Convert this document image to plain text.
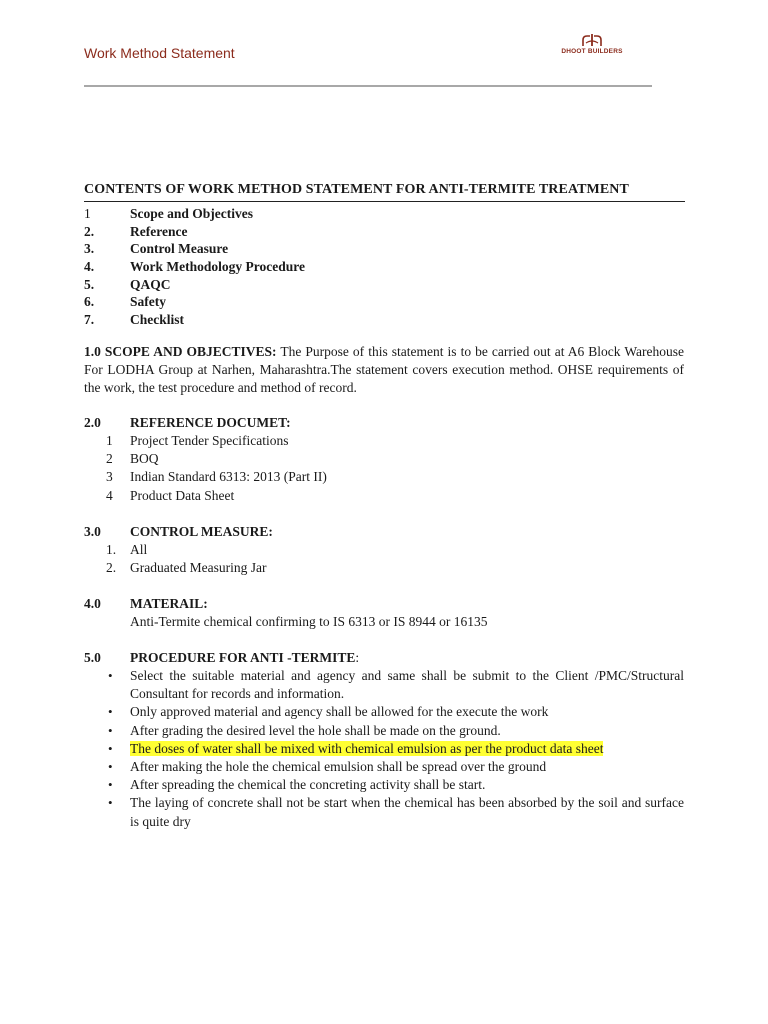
Work Method Statement	DHOOT BUILDERS
CONTENTS OF WORK METHOD STATEMENT FOR ANTI-TERMITE TREATMENT
1	Scope and Objectives
2.	Reference
3.	Control Measure
4.	Work Methodology Procedure
5.	QAQC
6.	Safety
7.	Checklist
1.0 SCOPE AND OBJECTIVES: The Purpose of this statement is to be carried out at A6 Block Warehouse For LODHA Group at Narhen, Maharashtra.The statement covers execution method. OHSE requirements of the work, the test procedure and method of record.
2.0 REFERENCE DOCUMET:
1 Project Tender Specifications
2 BOQ
3 Indian Standard 6313: 2013 (Part II)
4 Product Data Sheet
3.0 CONTROL MEASURE:
1. All
2. Graduated Measuring Jar
4.0 MATERAIL:
Anti-Termite chemical confirming to IS 6313 or IS 8944 or 16135
5.0 PROCEDURE FOR ANTI -TERMITE:
• Select the suitable material and agency and same shall be submit to the Client /PMC/Structural Consultant for records and information.
• Only approved material and agency shall be allowed for the execute the work
• After grading the desired level the hole shall be made on the ground.
• The doses of water shall be mixed with chemical emulsion as per the product data sheet
• After making the hole the chemical emulsion shall be spread over the ground
• After spreading the chemical the concreting activity shall be start.
• The laying of concrete shall not be start when the chemical has been absorbed by the soil and surface is quite dry
